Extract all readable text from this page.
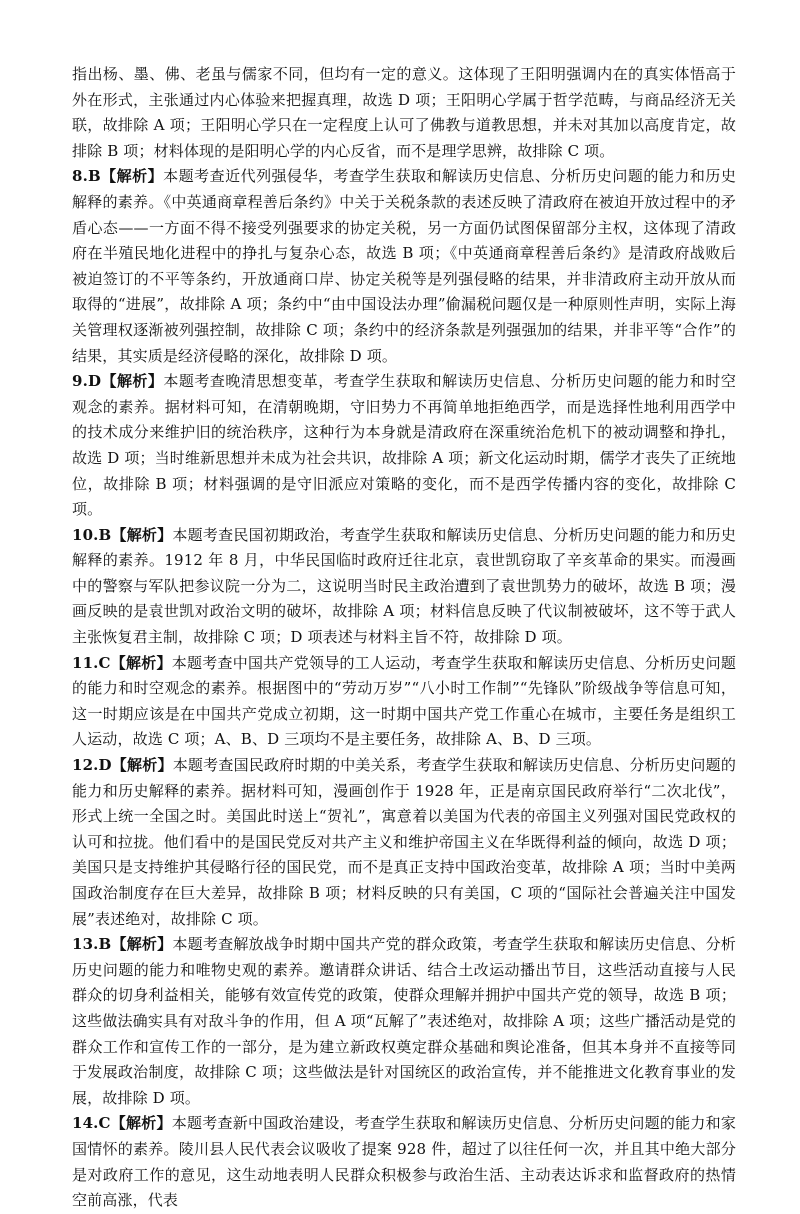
指出杨、墨、佛、老虽与儒家不同，但均有一定的意义。这体现了王阳明强调内在的真实体悟高于外在形式，主张通过内心体验来把握真理，故选 D 项；王阳明心学属于哲学范畴，与商品经济无关联，故排除 A 项；王阳明心学只在一定程度上认可了佛教与道教思想，并未对其加以高度肯定，故排除 B 项；材料体现的是阳明心学的内心反省，而不是理学思辨，故排除 C 项。

8.B【解析】本题考查近代列强侵华，考查学生获取和解读历史信息、分析历史问题的能力和历史解释的素养。《中英通商章程善后条约》中关于关税条款的表述反映了清政府在被迫开放过程中的矛盾心态——一方面不得不接受列强要求的协定关税，另一方面仍试图保留部分主权，这体现了清政府在半殖民地化进程中的挣扎与复杂心态，故选 B 项；《中英通商章程善后条约》是清政府战败后被迫签订的不平等条约，开放通商口岸、协定关税等是列强侵略的结果，并非清政府主动开放从而取得的“进展”，故排除 A 项；条约中“由中国设法办理”偷漏税问题仅是一种原则性声明，实际上海关管理权逐渐被列强控制，故排除 C 项；条约中的经济条款是列强强加的结果，并非平等“合作”的结果，其实质是经济侵略的深化，故排除 D 项。

9.D【解析】本题考查晚清思想变革，考查学生获取和解读历史信息、分析历史问题的能力和时空观念的素养。据材料可知，在清朝晚期，守旧势力不再简单地拒绝西学，而是选择性地利用西学中的技术成分来维护旧的统治秩序，这种行为本身就是清政府在深重统治危机下的被动调整和挣扎，故选 D 项；当时维新思想并未成为社会共识，故排除 A 项；新文化运动时期，儒学才丧失了正统地位，故排除 B 项；材料强调的是守旧派应对策略的变化，而不是西学传播内容的变化，故排除 C 项。

10.B【解析】本题考查民国初期政治，考查学生获取和解读历史信息、分析历史问题的能力和历史解释的素养。1912 年 8 月，中华民国临时政府迁往北京，袁世凯窃取了辛亥革命的果实。而漫画中的警察与军队把参议院一分为二，这说明当时民主政治遭到了袁世凯势力的破坏，故选 B 项；漫画反映的是袁世凯对政治文明的破坏，故排除 A 项；材料信息反映了代议制被破坏，这不等于武人主张恢复君主制，故排除 C 项；D 项表述与材料主旨不符，故排除 D 项。

11.C【解析】本题考查中国共产党领导的工人运动，考查学生获取和解读历史信息、分析历史问题的能力和时空观念的素养。根据图中的“劳动万岁”“八小时工作制”“先锋队”阶级战争等信息可知，这一时期应该是在中国共产党成立初期，这一时期中国共产党工作重心在城市，主要任务是组织工人运动，故选 C 项；A、B、D 三项均不是主要任务，故排除 A、B、D 三项。

12.D【解析】本题考查国民政府时期的中美关系，考查学生获取和解读历史信息、分析历史问题的能力和历史解释的素养。据材料可知，漫画创作于 1928 年，正是南京国民政府举行“二次北伐”，形式上统一全国之时。美国此时送上“贺礼”，寓意着以美国为代表的帝国主义列强对国民党政权的认可和拉拢。他们看中的是国民党反对共产主义和维护帝国主义在华既得利益的倾向，故选 D 项；美国只是支持维护其侵略行径的国民党，而不是真正支持中国政治变革，故排除 A 项；当时中美两国政治制度存在巨大差异，故排除 B 项；材料反映的只有美国，C 项的“国际社会普遍关注中国发展”表述绝对，故排除 C 项。

13.B【解析】本题考查解放战争时期中国共产党的群众政策，考查学生获取和解读历史信息、分析历史问题的能力和唯物史观的素养。邀请群众讲话、结合土改运动播出节目，这些活动直接与人民群众的切身利益相关，能够有效宣传党的政策，使群众理解并拥护中国共产党的领导，故选 B 项；这些做法确实具有对敌斗争的作用，但 A 项“瓦解了”表述绝对，故排除 A 项；这些广播活动是党的群众工作和宣传工作的一部分，是为建立新政权奠定群众基础和舆论准备，但其本身并不直接等同于发展政治制度，故排除 C 项；这些做法是针对国统区的政治宣传，并不能推进文化教育事业的发展，故排除 D 项。

14.C【解析】本题考查新中国政治建设，考查学生获取和解读历史信息、分析历史问题的能力和家国情怀的素养。陵川县人民代表会议吸收了提案 928 件，超过了以往任何一次，并且其中绝大部分是对政府工作的意见，这生动地表明人民群众积极参与政治生活、主动表达诉求和监督政府的热情空前高涨，代表
